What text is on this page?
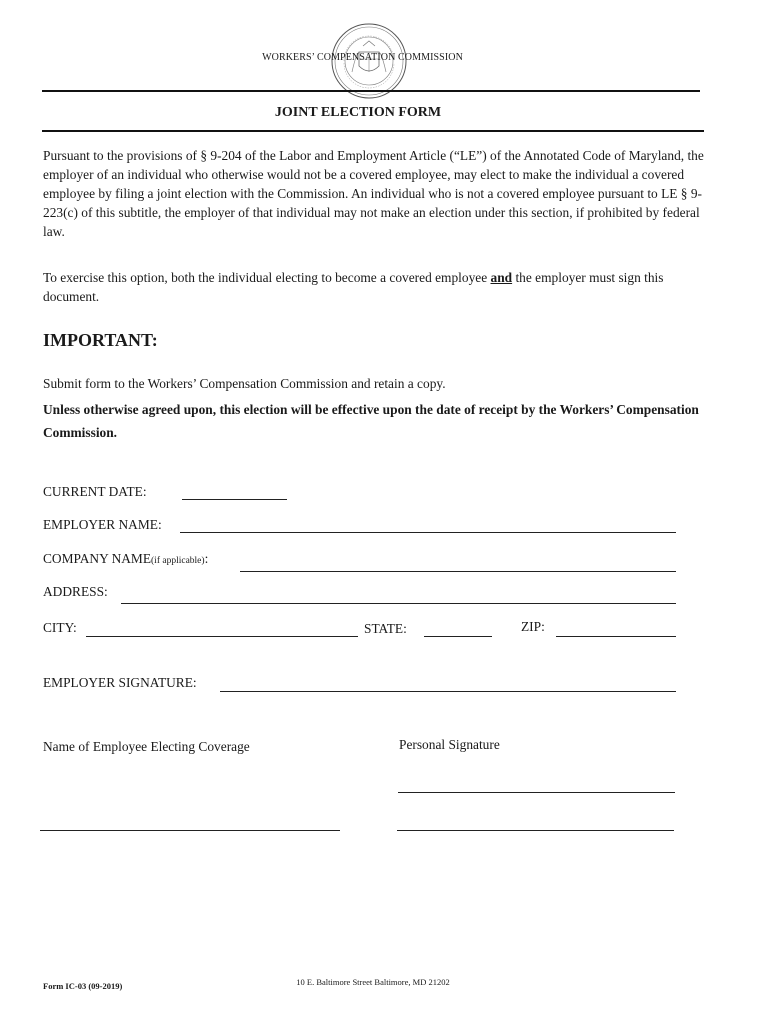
WORKERS’ COMPENSATION COMMISSION
JOINT ELECTION FORM

Pursuant to the provisions of § 9-204 of the Labor and Employment Article (“LE”) of the Annotated Code of Maryland, the employer of an individual who otherwise would not be a covered employee, may elect to make the individual a covered employee by filing a joint election with the Commission. An individual who is not a covered employee pursuant to LE § 9-223(c) of this subtitle, the employer of that individual may not make an election under this section, if prohibited by federal law.

To exercise this option, both the individual electing to become a covered employee and the employer must sign this document.

IMPORTANT:
Submit form to the Workers’ Compensation Commission and retain a copy.
Unless otherwise agreed upon, this election will be effective upon the date of receipt by the Workers’ Compensation Commission.
CURRENT DATE:
EMPLOYER NAME:
COMPANY NAME(if applicable):
ADDRESS:
CITY:	STATE:	ZIP:
EMPLOYER SIGNATURE:
Name of Employee Electing Coverage	Personal Signature
Form IC-03 (09-2019)	10 E. Baltimore Street Baltimore, MD 21202
